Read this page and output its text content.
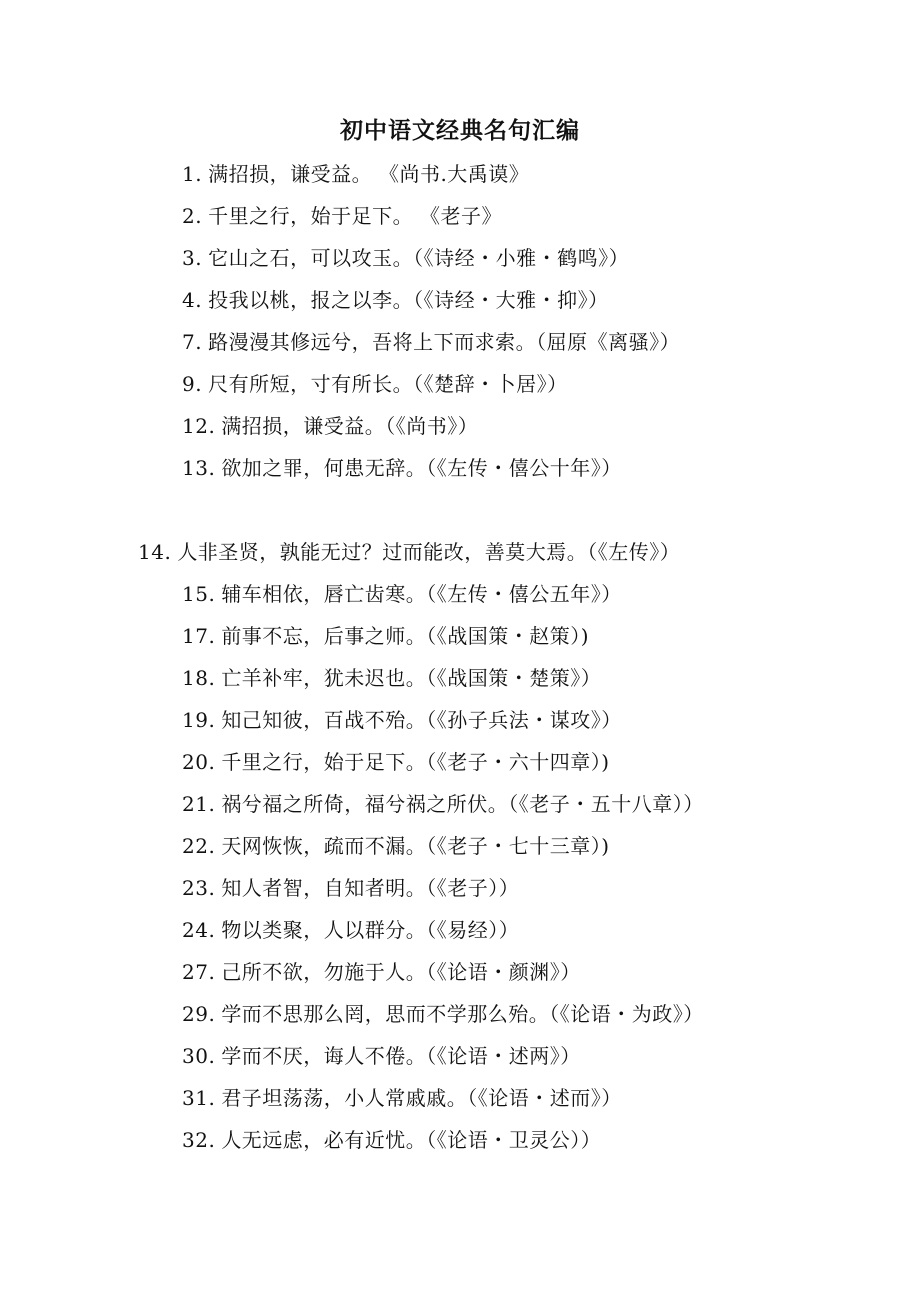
初中语文经典名句汇编
1. 满招损，谦受益。 《尚书.大禹谟》
2. 千里之行，始于足下。 《老子》
3. 它山之石，可以攻玉。（《诗经・小雅・鹤鸣》）
4. 投我以桃，报之以李。（《诗经・大雅・抑》）
7. 路漫漫其修远兮，吾将上下而求索。（屈原《离骚》）
9. 尺有所短，寸有所长。（《楚辞・卜居》）
12. 满招损，谦受益。（《尚书》）
13. 欲加之罪，何患无辞。（《左传・僖公十年》）
14. 人非圣贤，孰能无过？过而能改，善莫大焉。（《左传》）
15. 辅车相依，唇亡齿寒。（《左传・僖公五年》）
17. 前事不忘，后事之师。（《战国策・赵策）)
18. 亡羊补牢，犹未迟也。（《战国策・楚策》）
19. 知己知彼，百战不殆。（《孙子兵法・谋攻》）
20. 千里之行，始于足下。（《老子・六十四章）)
21. 祸兮福之所倚，福兮祸之所伏。（《老子・五十八章））
22. 天网恢恢，疏而不漏。（《老子・七十三章）)
23. 知人者智，自知者明。（《老子））
24. 物以类聚，人以群分。（《易经））
27. 己所不欲，勿施于人。（《论语・颜渊》）
29. 学而不思那么罔，思而不学那么殆。（《论语・为政》）
30. 学而不厌，诲人不倦。（《论语・述两》）
31. 君子坦荡荡，小人常戚戚。（《论语・述而》）
32. 人无远虑，必有近忧。（《论语・卫灵公））
